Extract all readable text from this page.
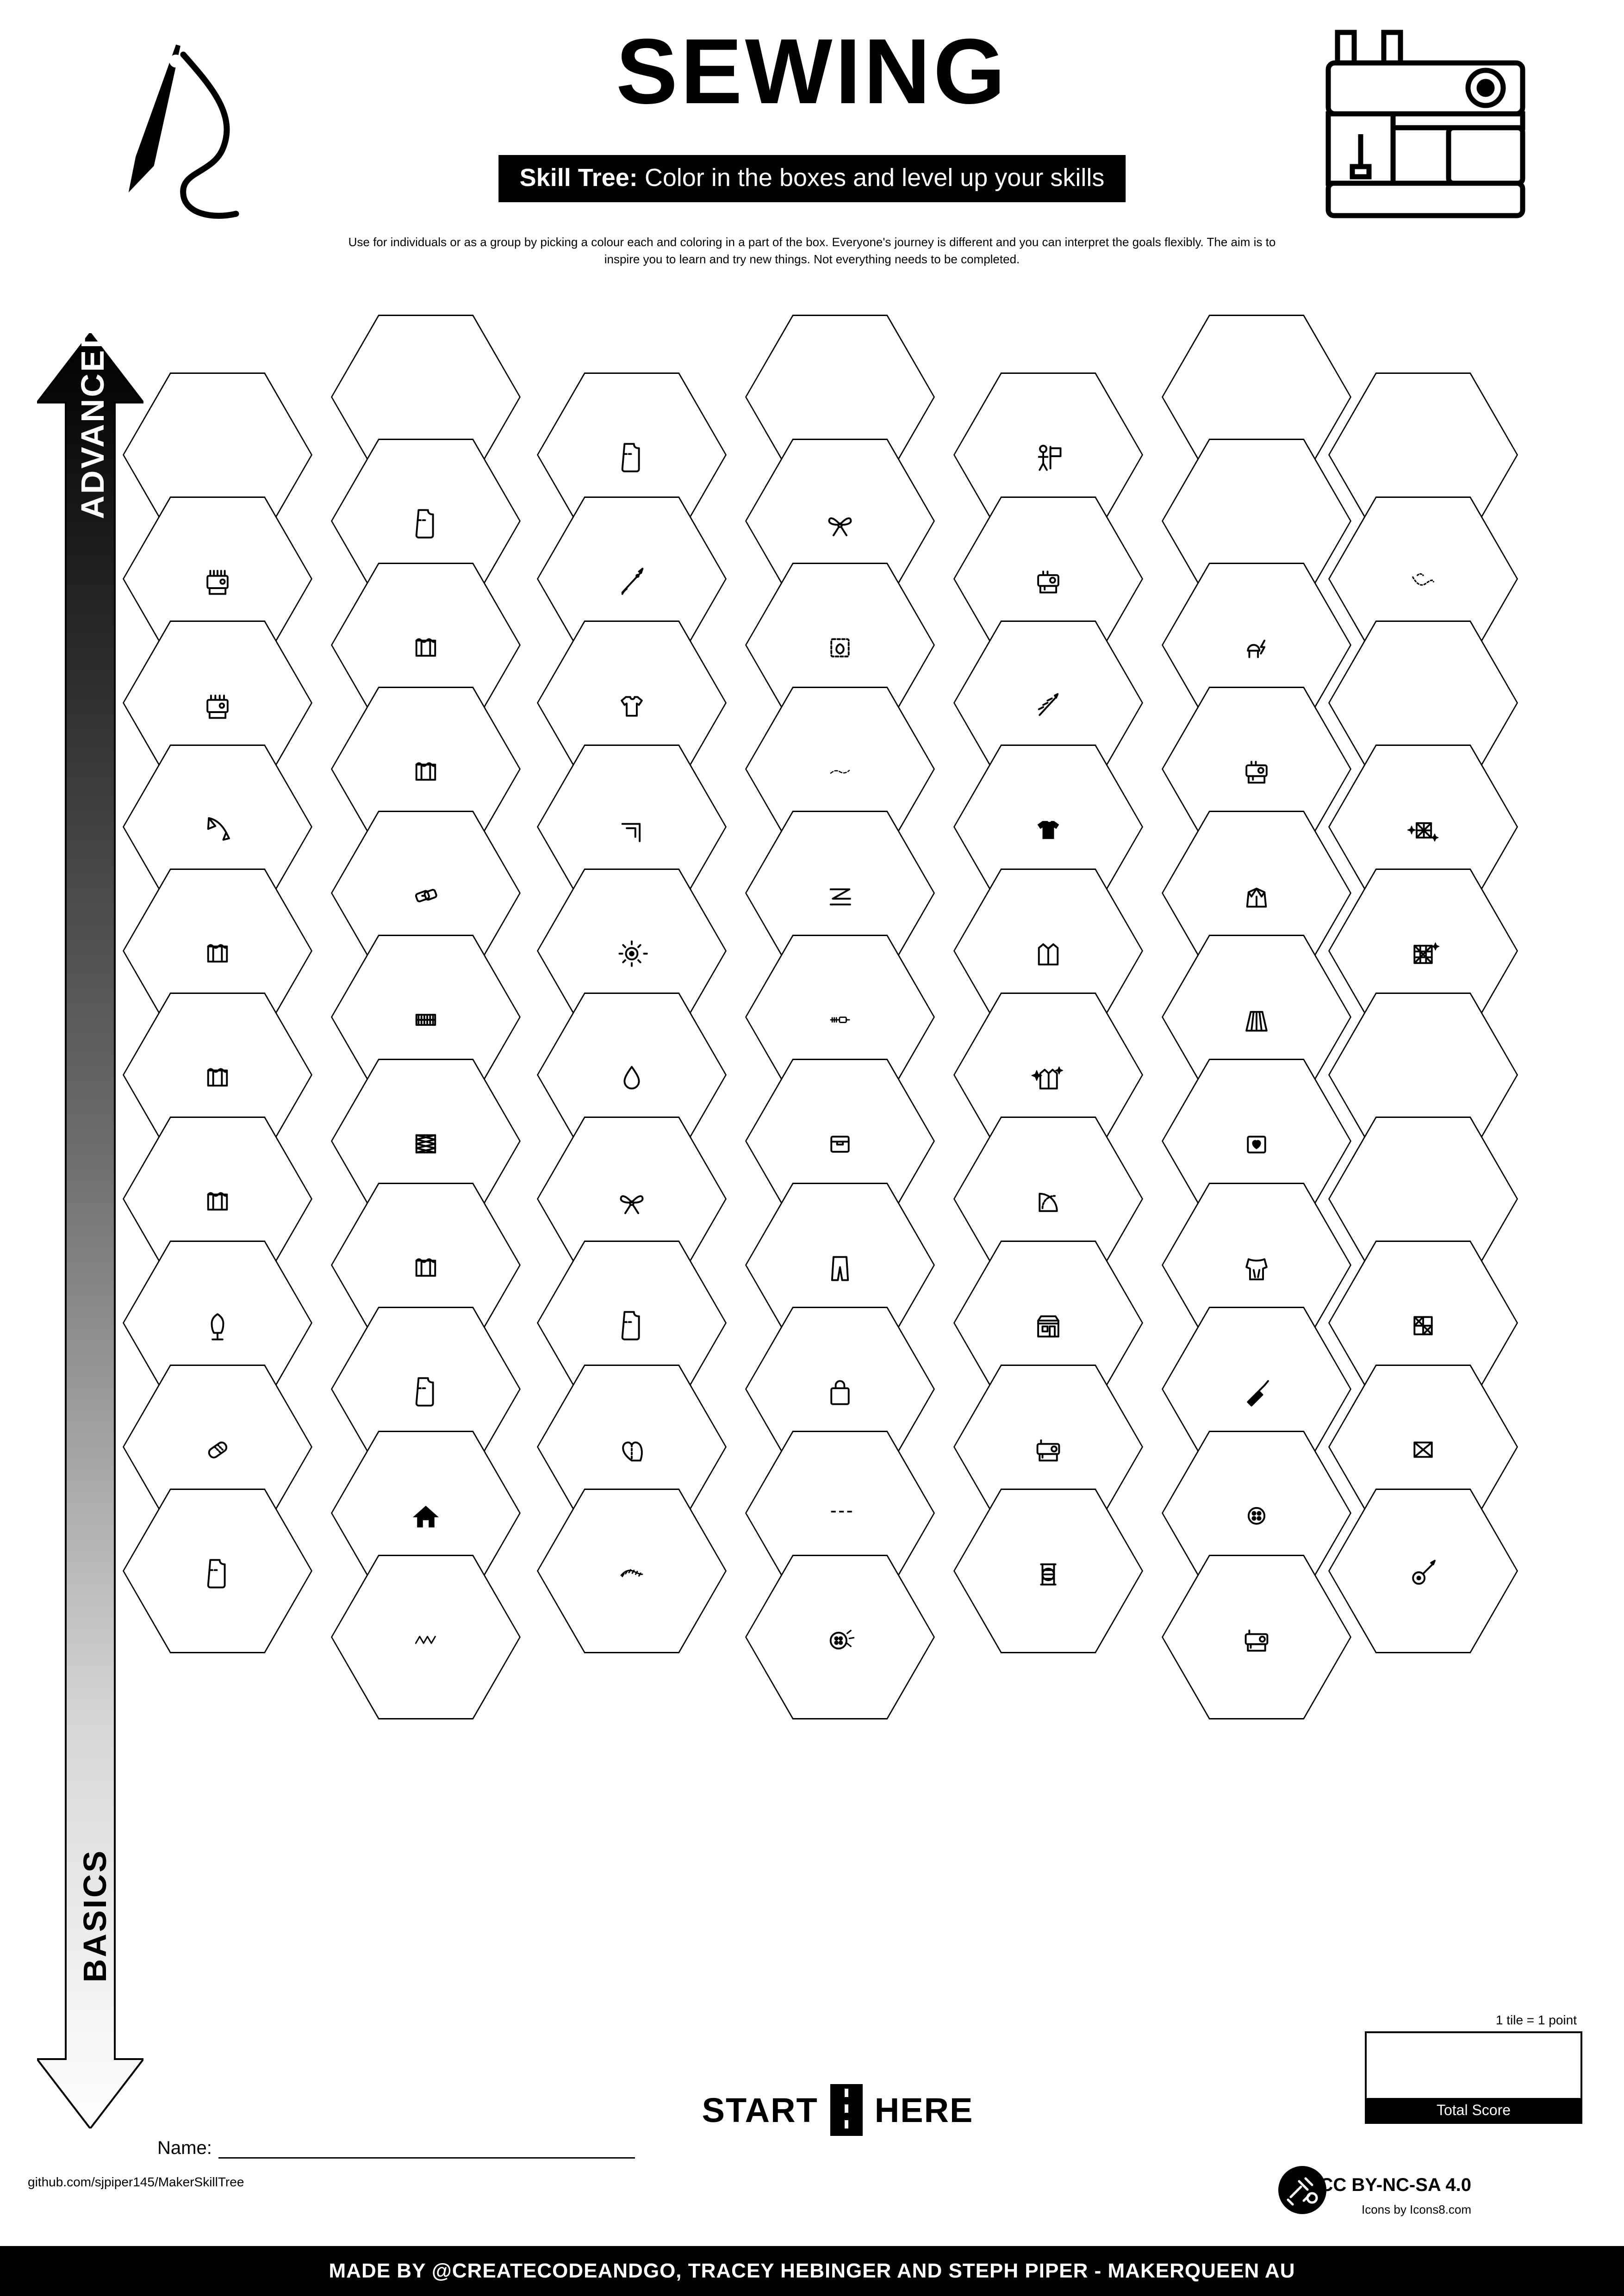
SEWING
Skill Tree: Color in the boxes and level up your skills
Use for individuals or as a group by picking a colour each and coloring in a part of the box. Everyone's journey is different and you can interpret the goals flexibly. The aim is to inspire you to learn and try new things. Not everything needs to be completed.
ADVANCED
BASICS
START HERE
Name:
github.com/sjpiper145/MakerSkillTree
1 tile = 1 point
Total Score
CC BY-NC-SA 4.0
Icons by Icons8.com
MADE BY @CREATECODEANDGO, TRACEY HEBINGER AND STEPH PIPER - MAKERQUEEN AU
